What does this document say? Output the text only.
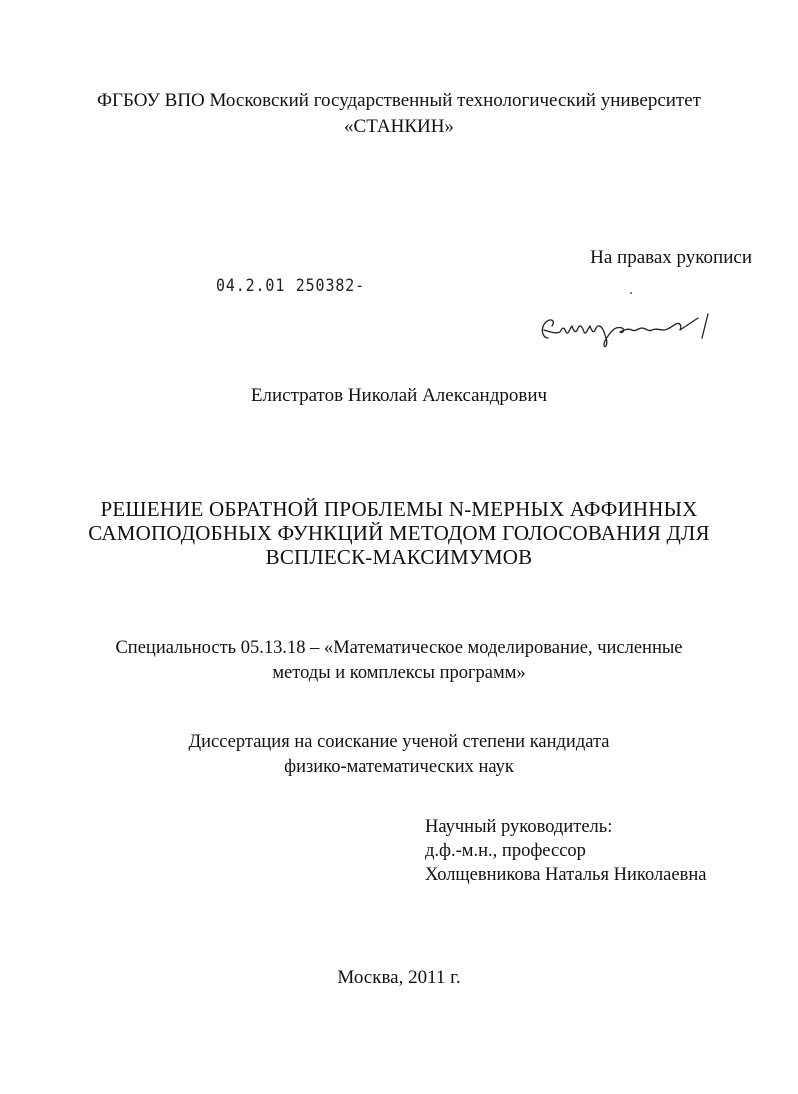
ФГБОУ ВПО Московский государственный технологический университет
«СТАНКИН»
На правах рукописи
04.2.01 250382-
Елистратов Николай Александрович
РЕШЕНИЕ ОБРАТНОЙ ПРОБЛЕМЫ N-МЕРНЫХ АФФИННЫХ
САМОПОДОБНЫХ ФУНКЦИЙ МЕТОДОМ ГОЛОСОВАНИЯ ДЛЯ
ВСПЛЕСК-МАКСИМУМОВ
Специальность 05.13.18 – «Математическое моделирование, численные
методы и комплексы программ»
Диссертация на соискание ученой степени кандидата
физико-математических наук
Научный руководитель:
д.ф.-м.н., профессор
Холщевникова Наталья Николаевна
Москва, 2011 г.
